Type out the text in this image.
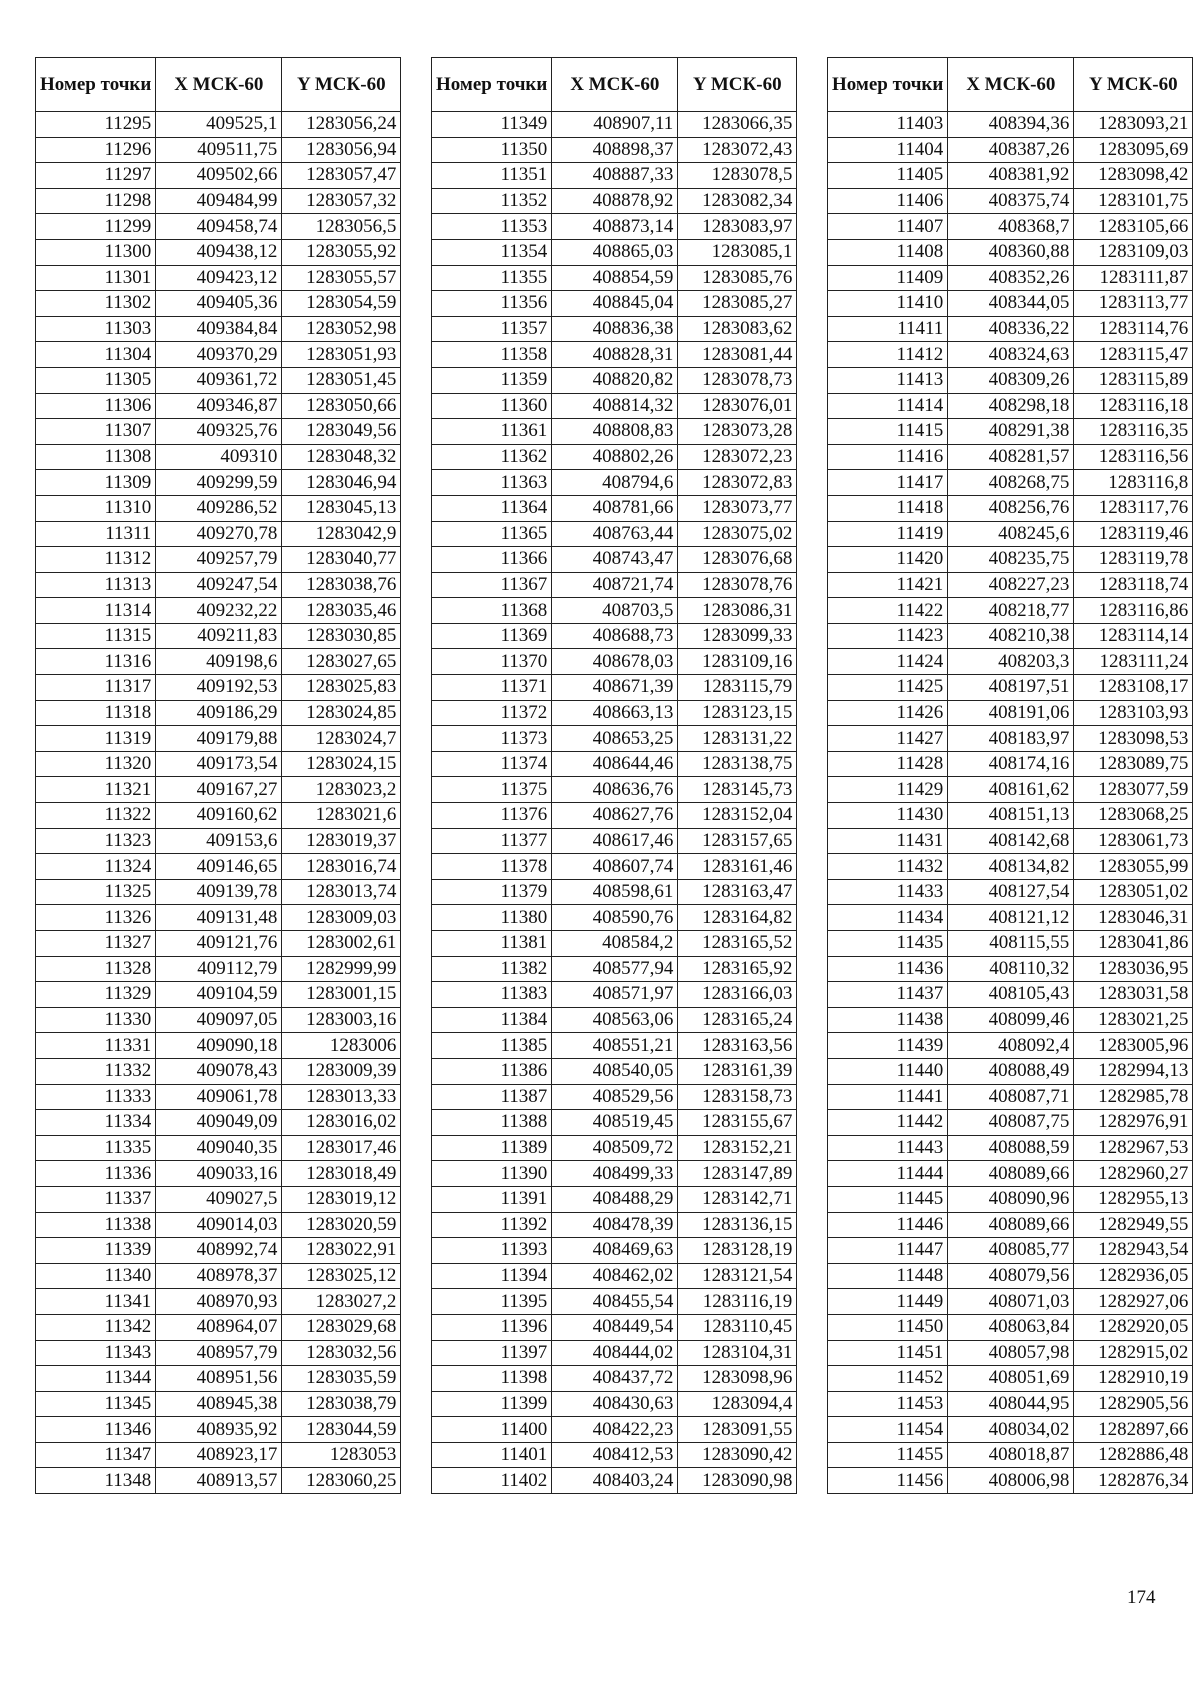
Номер точки	X МСК-60	Y МСК-60
11295	409525,1	1283056,24
11296	409511,75	1283056,94
11297	409502,66	1283057,47
11298	409484,99	1283057,32
11299	409458,74	1283056,5
11300	409438,12	1283055,92
11301	409423,12	1283055,57
11302	409405,36	1283054,59
11303	409384,84	1283052,98
11304	409370,29	1283051,93
11305	409361,72	1283051,45
11306	409346,87	1283050,66
11307	409325,76	1283049,56
11308	409310	1283048,32
11309	409299,59	1283046,94
11310	409286,52	1283045,13
11311	409270,78	1283042,9
11312	409257,79	1283040,77
11313	409247,54	1283038,76
11314	409232,22	1283035,46
11315	409211,83	1283030,85
11316	409198,6	1283027,65
11317	409192,53	1283025,83
11318	409186,29	1283024,85
11319	409179,88	1283024,7
11320	409173,54	1283024,15
11321	409167,27	1283023,2
11322	409160,62	1283021,6
11323	409153,6	1283019,37
11324	409146,65	1283016,74
11325	409139,78	1283013,74
11326	409131,48	1283009,03
11327	409121,76	1283002,61
11328	409112,79	1282999,99
11329	409104,59	1283001,15
11330	409097,05	1283003,16
11331	409090,18	1283006
11332	409078,43	1283009,39
11333	409061,78	1283013,33
11334	409049,09	1283016,02
11335	409040,35	1283017,46
11336	409033,16	1283018,49
11337	409027,5	1283019,12
11338	409014,03	1283020,59
11339	408992,74	1283022,91
11340	408978,37	1283025,12
11341	408970,93	1283027,2
11342	408964,07	1283029,68
11343	408957,79	1283032,56
11344	408951,56	1283035,59
11345	408945,38	1283038,79
11346	408935,92	1283044,59
11347	408923,17	1283053
11348	408913,57	1283060,25
Номер точки	X МСК-60	Y МСК-60
11349	408907,11	1283066,35
11350	408898,37	1283072,43
11351	408887,33	1283078,5
11352	408878,92	1283082,34
11353	408873,14	1283083,97
11354	408865,03	1283085,1
11355	408854,59	1283085,76
11356	408845,04	1283085,27
11357	408836,38	1283083,62
11358	408828,31	1283081,44
11359	408820,82	1283078,73
11360	408814,32	1283076,01
11361	408808,83	1283073,28
11362	408802,26	1283072,23
11363	408794,6	1283072,83
11364	408781,66	1283073,77
11365	408763,44	1283075,02
11366	408743,47	1283076,68
11367	408721,74	1283078,76
11368	408703,5	1283086,31
11369	408688,73	1283099,33
11370	408678,03	1283109,16
11371	408671,39	1283115,79
11372	408663,13	1283123,15
11373	408653,25	1283131,22
11374	408644,46	1283138,75
11375	408636,76	1283145,73
11376	408627,76	1283152,04
11377	408617,46	1283157,65
11378	408607,74	1283161,46
11379	408598,61	1283163,47
11380	408590,76	1283164,82
11381	408584,2	1283165,52
11382	408577,94	1283165,92
11383	408571,97	1283166,03
11384	408563,06	1283165,24
11385	408551,21	1283163,56
11386	408540,05	1283161,39
11387	408529,56	1283158,73
11388	408519,45	1283155,67
11389	408509,72	1283152,21
11390	408499,33	1283147,89
11391	408488,29	1283142,71
11392	408478,39	1283136,15
11393	408469,63	1283128,19
11394	408462,02	1283121,54
11395	408455,54	1283116,19
11396	408449,54	1283110,45
11397	408444,02	1283104,31
11398	408437,72	1283098,96
11399	408430,63	1283094,4
11400	408422,23	1283091,55
11401	408412,53	1283090,42
11402	408403,24	1283090,98
Номер точки	X МСК-60	Y МСК-60
11403	408394,36	1283093,21
11404	408387,26	1283095,69
11405	408381,92	1283098,42
11406	408375,74	1283101,75
11407	408368,7	1283105,66
11408	408360,88	1283109,03
11409	408352,26	1283111,87
11410	408344,05	1283113,77
11411	408336,22	1283114,76
11412	408324,63	1283115,47
11413	408309,26	1283115,89
11414	408298,18	1283116,18
11415	408291,38	1283116,35
11416	408281,57	1283116,56
11417	408268,75	1283116,8
11418	408256,76	1283117,76
11419	408245,6	1283119,46
11420	408235,75	1283119,78
11421	408227,23	1283118,74
11422	408218,77	1283116,86
11423	408210,38	1283114,14
11424	408203,3	1283111,24
11425	408197,51	1283108,17
11426	408191,06	1283103,93
11427	408183,97	1283098,53
11428	408174,16	1283089,75
11429	408161,62	1283077,59
11430	408151,13	1283068,25
11431	408142,68	1283061,73
11432	408134,82	1283055,99
11433	408127,54	1283051,02
11434	408121,12	1283046,31
11435	408115,55	1283041,86
11436	408110,32	1283036,95
11437	408105,43	1283031,58
11438	408099,46	1283021,25
11439	408092,4	1283005,96
11440	408088,49	1282994,13
11441	408087,71	1282985,78
11442	408087,75	1282976,91
11443	408088,59	1282967,53
11444	408089,66	1282960,27
11445	408090,96	1282955,13
11446	408089,66	1282949,55
11447	408085,77	1282943,54
11448	408079,56	1282936,05
11449	408071,03	1282927,06
11450	408063,84	1282920,05
11451	408057,98	1282915,02
11452	408051,69	1282910,19
11453	408044,95	1282905,56
11454	408034,02	1282897,66
11455	408018,87	1282886,48
11456	408006,98	1282876,34
174
